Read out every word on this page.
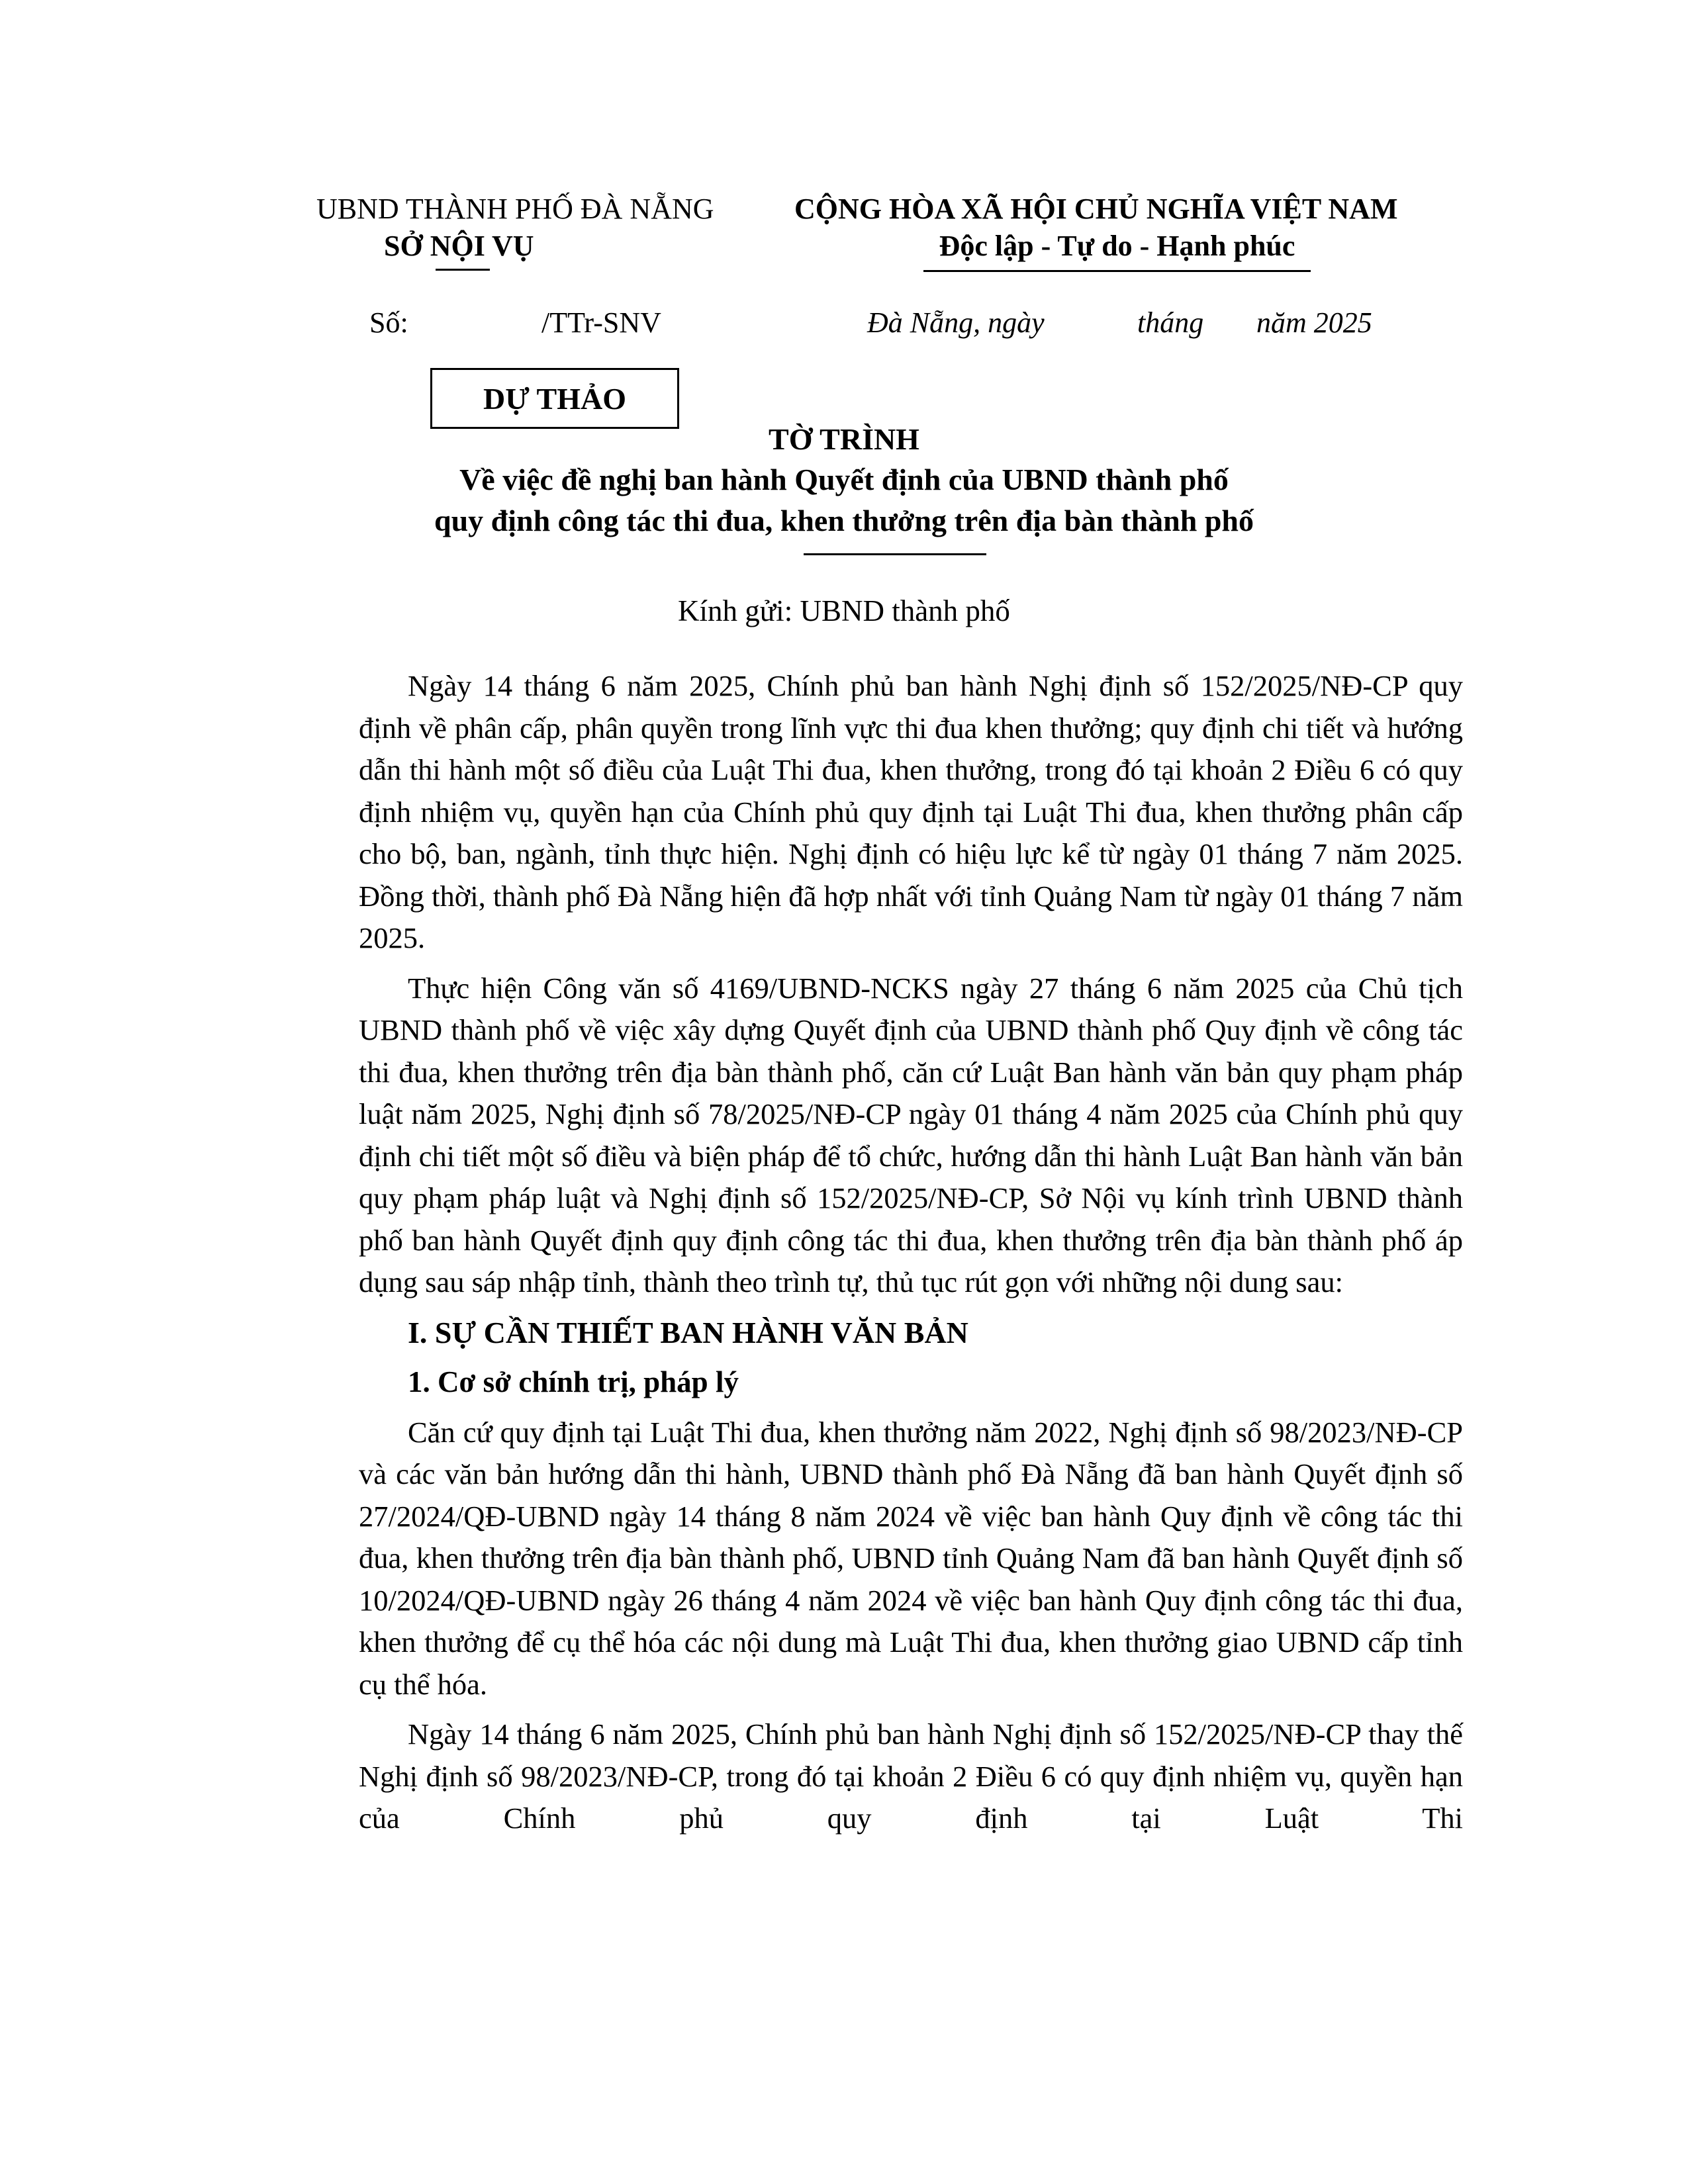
UBND THÀNH PHỐ ĐÀ NẴNG
SỞ NỘI VỤ
CỘNG HÒA XÃ HỘI CHỦ NGHĨA VIỆT NAM
Độc lập - Tự do - Hạnh phúc
Số:	/TTr-SNV	Đà Nẵng, ngày	tháng năm 2025
DỰ THẢO
TỜ TRÌNH
Về việc đề nghị ban hành Quyết định của UBND thành phố
quy định công tác thi đua, khen thưởng trên địa bàn thành phố
Kính gửi: UBND thành phố

Ngày 14 tháng 6 năm 2025, Chính phủ ban hành Nghị định số 152/2025/NĐ-CP quy định về phân cấp, phân quyền trong lĩnh vực thi đua khen thưởng; quy định chi tiết và hướng dẫn thi hành một số điều của Luật Thi đua, khen thưởng, trong đó tại khoản 2 Điều 6 có quy định nhiệm vụ, quyền hạn của Chính phủ quy định tại Luật Thi đua, khen thưởng phân cấp cho bộ, ban, ngành, tỉnh thực hiện. Nghị định có hiệu lực kể từ ngày 01 tháng 7 năm 2025. Đồng thời, thành phố Đà Nẵng hiện đã hợp nhất với tỉnh Quảng Nam từ ngày 01 tháng 7 năm 2025.

Thực hiện Công văn số 4169/UBND-NCKS ngày 27 tháng 6 năm 2025 của Chủ tịch UBND thành phố về việc xây dựng Quyết định của UBND thành phố Quy định về công tác thi đua, khen thưởng trên địa bàn thành phố, căn cứ Luật Ban hành văn bản quy phạm pháp luật năm 2025, Nghị định số 78/2025/NĐ-CP ngày 01 tháng 4 năm 2025 của Chính phủ quy định chi tiết một số điều và biện pháp để tổ chức, hướng dẫn thi hành Luật Ban hành văn bản quy phạm pháp luật và Nghị định số 152/2025/NĐ-CP, Sở Nội vụ kính trình UBND thành phố ban hành Quyết định quy định công tác thi đua, khen thưởng trên địa bàn thành phố áp dụng sau sáp nhập tỉnh, thành theo trình tự, thủ tục rút gọn với những nội dung sau:

I. SỰ CẦN THIẾT BAN HÀNH VĂN BẢN
1. Cơ sở chính trị, pháp lý

Căn cứ quy định tại Luật Thi đua, khen thưởng năm 2022, Nghị định số 98/2023/NĐ-CP và các văn bản hướng dẫn thi hành, UBND thành phố Đà Nẵng đã ban hành Quyết định số 27/2024/QĐ-UBND ngày 14 tháng 8 năm 2024 về việc ban hành Quy định về công tác thi đua, khen thưởng trên địa bàn thành phố, UBND tỉnh Quảng Nam đã ban hành Quyết định số 10/2024/QĐ-UBND ngày 26 tháng 4 năm 2024 về việc ban hành Quy định công tác thi đua, khen thưởng để cụ thể hóa các nội dung mà Luật Thi đua, khen thưởng giao UBND cấp tỉnh cụ thể hóa.

Ngày 14 tháng 6 năm 2025, Chính phủ ban hành Nghị định số 152/2025/NĐ-CP thay thế Nghị định số 98/2023/NĐ-CP, trong đó tại khoản 2 Điều 6 có quy định nhiệm vụ, quyền hạn của Chính phủ quy định tại Luật Thi
